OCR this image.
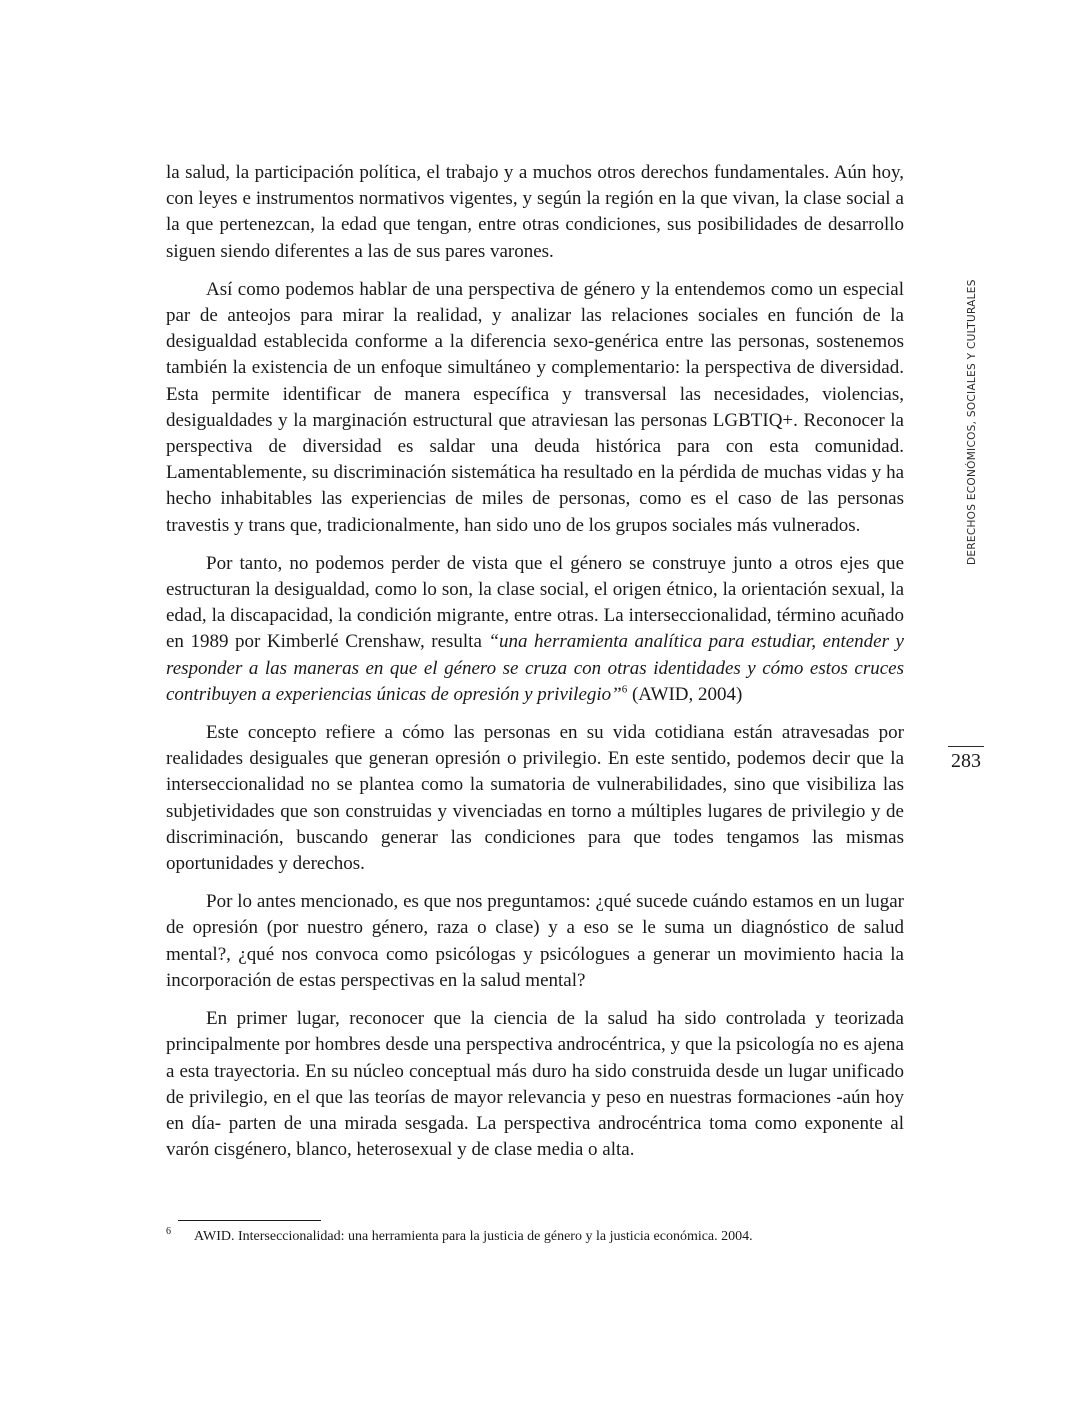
la salud, la participación política, el trabajo y a muchos otros derechos fundamentales. Aún hoy, con leyes e instrumentos normativos vigentes, y según la región en la que vivan, la clase social a la que pertenezcan, la edad que tengan, entre otras condiciones, sus posibilidades de desarrollo siguen siendo diferentes a las de sus pares varones.

Así como podemos hablar de una perspectiva de género y la entendemos como un especial par de anteojos para mirar la realidad, y analizar las relaciones sociales en función de la desigualdad establecida conforme a la diferencia sexo-genérica entre las personas, sostenemos también la existencia de un enfoque simultáneo y complementario: la perspectiva de diversidad. Esta permite identificar de manera específica y transversal las necesidades, violencias, desigualdades y la marginación estructural que atraviesan las personas LGBTIQ+. Reconocer la perspectiva de diversidad es saldar una deuda histórica para con esta comunidad. Lamentablemente, su discriminación sistemática ha resultado en la pérdida de muchas vidas y ha hecho inhabitables las experiencias de miles de personas, como es el caso de las personas travestis y trans que, tradicionalmente, han sido uno de los grupos sociales más vulnerados.

Por tanto, no podemos perder de vista que el género se construye junto a otros ejes que estructuran la desigualdad, como lo son, la clase social, el origen étnico, la orientación sexual, la edad, la discapacidad, la condición migrante, entre otras. La interseccionalidad, término acuñado en 1989 por Kimberlé Crenshaw, resulta “una herramienta analítica para estudiar, entender y responder a las maneras en que el género se cruza con otras identidades y cómo estos cruces contribuyen a experiencias únicas de opresión y privilegio”$^6$ (AWID, 2004)

Este concepto refiere a cómo las personas en su vida cotidiana están atravesadas por realidades desiguales que generan opresión o privilegio. En este sentido, podemos decir que la interseccionalidad no se plantea como la sumatoria de vulnerabilidades, sino que visibiliza las subjetividades que son construidas y vivenciadas en torno a múltiples lugares de privilegio y de discriminación, buscando generar las condiciones para que todes tengamos las mismas oportunidades y derechos.

Por lo antes mencionado, es que nos preguntamos: ¿qué sucede cuándo estamos en un lugar de opresión (por nuestro género, raza o clase) y a eso se le suma un diagnóstico de salud mental?, ¿qué nos convoca como psicólogas y psicólogues a generar un movimiento hacia la incorporación de estas perspectivas en la salud mental?

En primer lugar, reconocer que la ciencia de la salud ha sido controlada y teorizada principalmente por hombres desde una perspectiva androcéntrica, y que la psicología no es ajena a esta trayectoria. En su núcleo conceptual más duro ha sido construida desde un lugar unificado de privilegio, en el que las teorías de mayor relevancia y peso en nuestras formaciones -aún hoy en día- parten de una mirada sesgada. La perspectiva androcéntrica toma como exponente al varón cisgénero, blanco, heterosexual y de clase media o alta.

DERECHOS ECONÓMICOS, SOCIALES Y CULTURALES
283
6 AWID. Interseccionalidad: una herramienta para la justicia de género y la justicia económica. 2004.
